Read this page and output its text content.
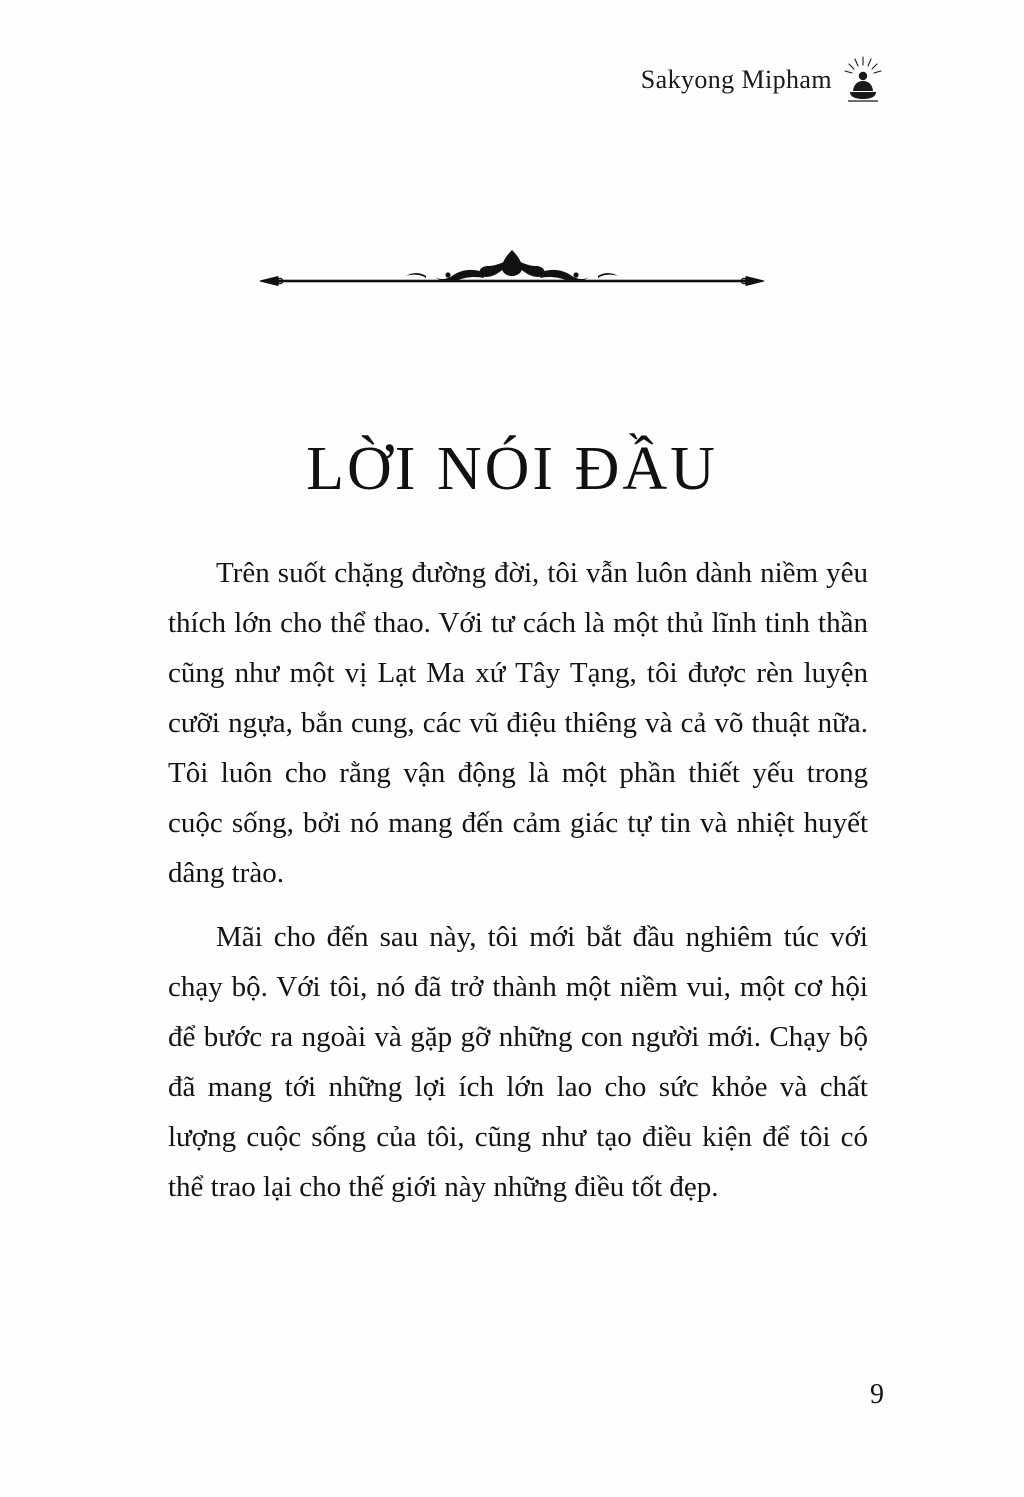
Sakyong Mipham
LỜI NÓI ĐẦU

Trên suốt chặng đường đời, tôi vẫn luôn dành niềm yêu thích lớn cho thể thao. Với tư cách là một thủ lĩnh tinh thần cũng như một vị Lạt Ma xứ Tây Tạng, tôi được rèn luyện cưỡi ngựa, bắn cung, các vũ điệu thiêng và cả võ thuật nữa. Tôi luôn cho rằng vận động là một phần thiết yếu trong cuộc sống, bởi nó mang đến cảm giác tự tin và nhiệt huyết dâng trào.

Mãi cho đến sau này, tôi mới bắt đầu nghiêm túc với chạy bộ. Với tôi, nó đã trở thành một niềm vui, một cơ hội để bước ra ngoài và gặp gỡ những con người mới. Chạy bộ đã mang tới những lợi ích lớn lao cho sức khỏe và chất lượng cuộc sống của tôi, cũng như tạo điều kiện để tôi có thể trao lại cho thế giới này những điều tốt đẹp.

9
